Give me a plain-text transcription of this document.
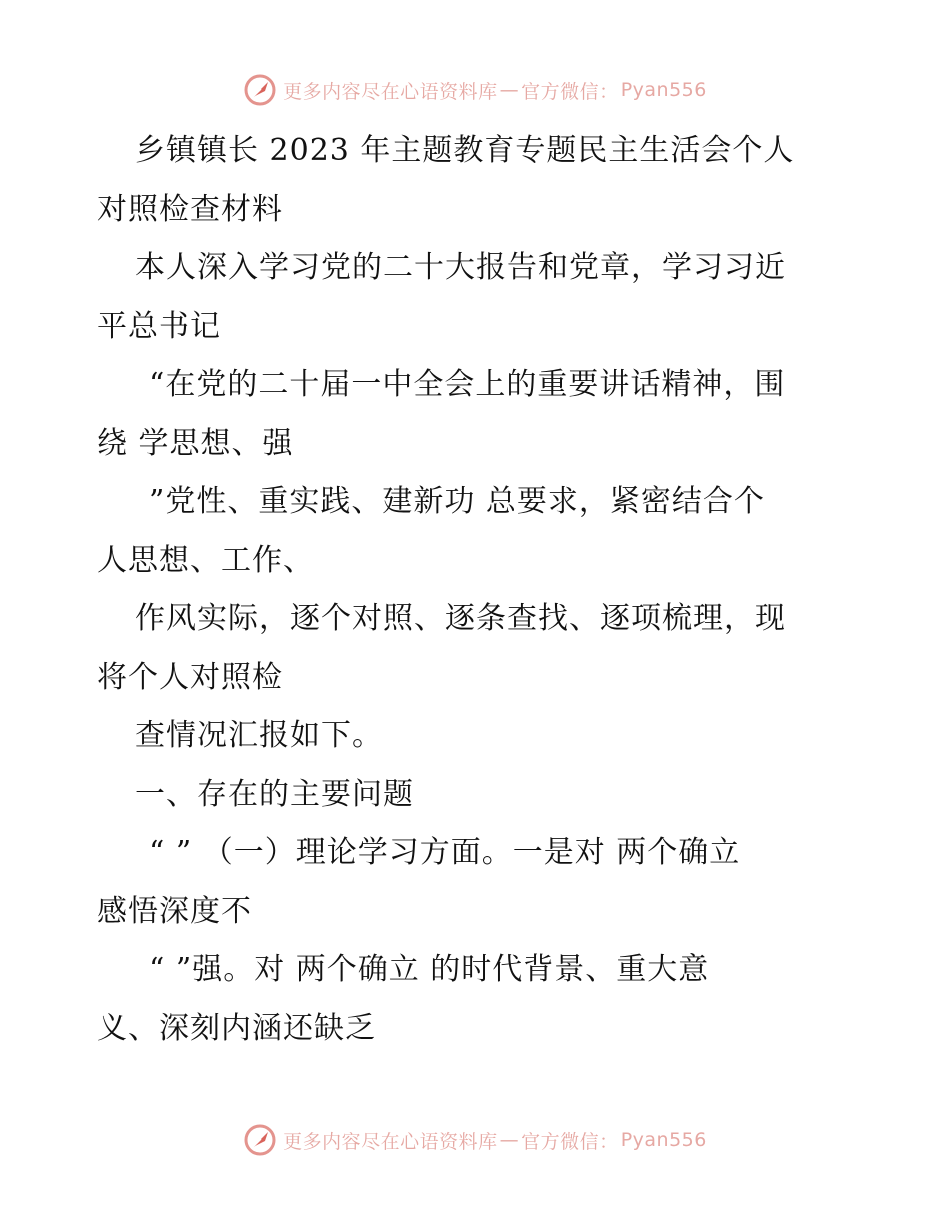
更多内容尽在心语资料库 — 官方微信： Pyan556
乡镇镇长 2023 年主题教育专题民主生活会个人
对照检查材料
本人深入学习党的二十大报告和党章，学习习近
平总书记
“在党的二十届一中全会上的重要讲话精神，围
绕 学思想、强
”党性、重实践、建新功 总要求，紧密结合个
人思想、工作、
作风实际，逐个对照、逐条查找、逐项梳理，现
将个人对照检
查情况汇报如下。
一、存在的主要问题
“ ” （一）理论学习方面。一是对 两个确立
感悟深度不
“ ”强。对 两个确立 的时代背景、重大意
义、深刻内涵还缺乏
更多内容尽在心语资料库 — 官方微信： Pyan556
